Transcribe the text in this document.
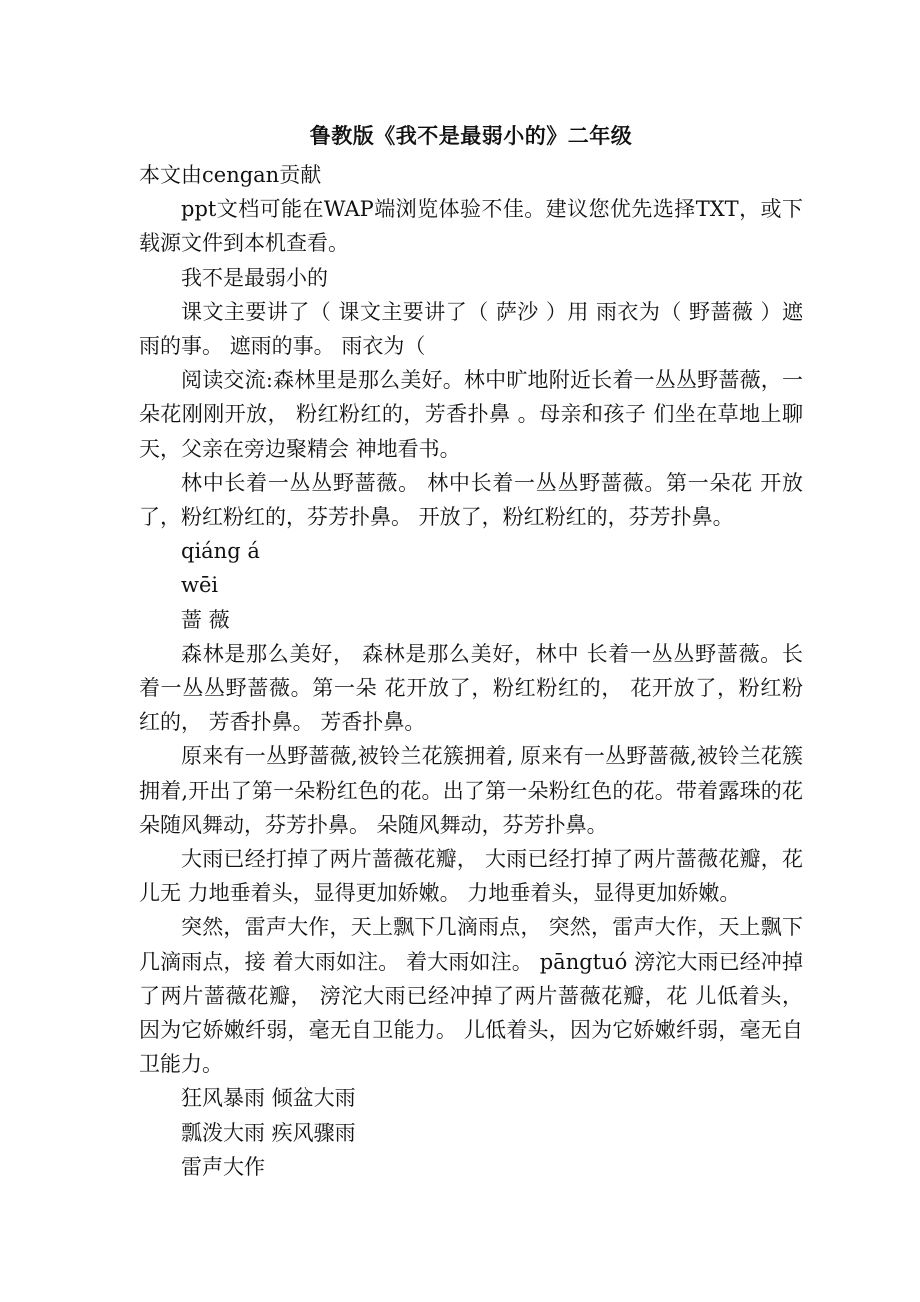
鲁教版《我不是最弱小的》二年级

本文由cengan贡献

ppt文档可能在WAP端浏览体验不佳。建议您优先选择TXT，或下载源文件到本机查看。

我不是最弱小的

课文主要讲了（ 课文主要讲了（ 萨沙 ）用 雨衣为（ 野蔷薇 ）遮雨的事。 遮雨的事。 雨衣为（

阅读交流:森林里是那么美好。林中旷地附近长着一丛丛野蔷薇，一朵花刚刚开放， 粉红粉红的，芳香扑鼻 。母亲和孩子 们坐在草地上聊天，父亲在旁边聚精会 神地看书。

林中长着一丛丛野蔷薇。 林中长着一丛丛野蔷薇。第一朵花 开放了，粉红粉红的，芬芳扑鼻。 开放了，粉红粉红的，芬芳扑鼻。

qiáng á

wēi

蔷 薇

森林是那么美好， 森林是那么美好，林中 长着一丛丛野蔷薇。长着一丛丛野蔷薇。第一朵 花开放了，粉红粉红的， 花开放了，粉红粉红的， 芳香扑鼻。 芳香扑鼻。

原来有一丛野蔷薇,被铃兰花簇拥着, 原来有一丛野蔷薇,被铃兰花簇拥着,开出了第一朵粉红色的花。出了第一朵粉红色的花。带着露珠的花 朵随风舞动，芬芳扑鼻。 朵随风舞动，芬芳扑鼻。

大雨已经打掉了两片蔷薇花瓣， 大雨已经打掉了两片蔷薇花瓣，花儿无 力地垂着头，显得更加娇嫩。 力地垂着头，显得更加娇嫩。

突然，雷声大作，天上飘下几滴雨点， 突然，雷声大作，天上飘下几滴雨点，接 着大雨如注。 着大雨如注。 pāngtuó 滂沱大雨已经冲掉了两片蔷薇花瓣， 滂沱大雨已经冲掉了两片蔷薇花瓣，花 儿低着头，因为它娇嫩纤弱，毫无自卫能力。 儿低着头，因为它娇嫩纤弱，毫无自卫能力。

狂风暴雨 倾盆大雨

瓢泼大雨 疾风骤雨

雷声大作
